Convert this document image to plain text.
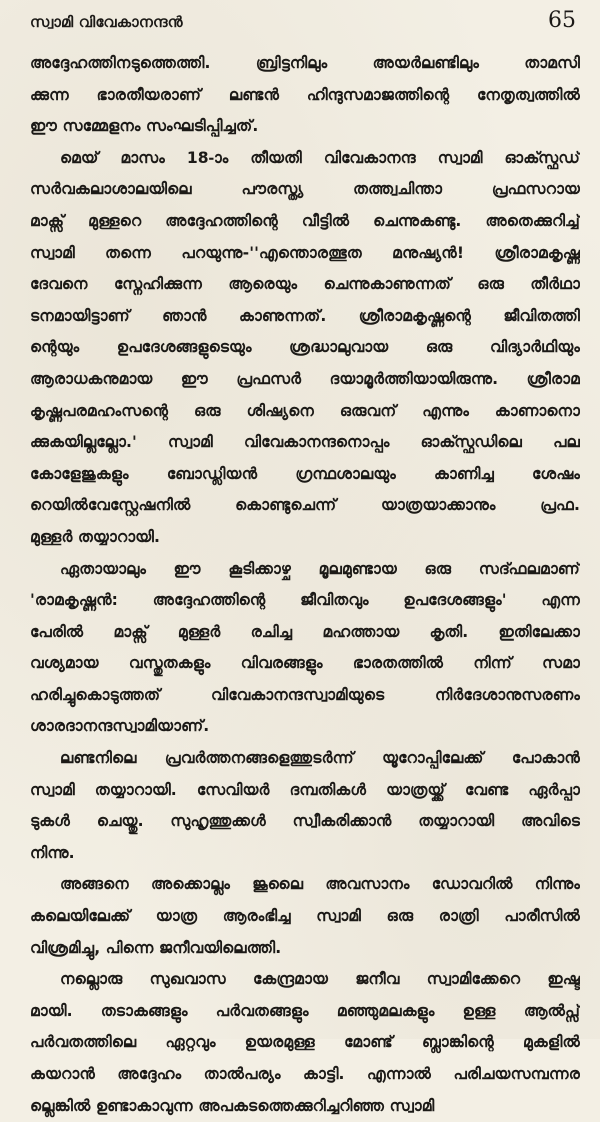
സ്വാമി വിവേകാനന്ദൻ	65
അദ്ദേഹത്തിനടുത്തെത്തി. ബ്രിട്ടനിലും അയർലണ്ടിലും താമസി
ക്കുന്ന ഭാരതീയരാണ് ലണ്ടൻ ഹിന്ദുസമാജത്തിന്റെ നേതൃത്വത്തിൽ
ഈ സമ്മേളനം സംഘടിപ്പിച്ചത്.
മെയ് മാസം 18-ാം തീയതി വിവേകാനന്ദ സ്വാമി ഓക്സ്ഫഡ്
സർവകലാശാലയിലെ പൗരസ്ത്യ തത്ത്വചിന്താ പ്രഫസറായ
മാക്സ് മുള്ളറെ അദ്ദേഹത്തിന്റെ വീട്ടിൽ ചെന്നുകണ്ടു. അതെക്കുറിച്ച്
സ്വാമി തന്നെ പറയുന്നു-''എന്തൊരത്ഭുത മനുഷ്യൻ! ശ്രീരാമകൃഷ്ണ
ദേവനെ സ്നേഹിക്കുന്ന ആരെയും ചെന്നുകാണുന്നത് ഒരു തീർഥാ
ടനമായിട്ടാണ് ഞാൻ കാണുന്നത്. ശ്രീരാമകൃഷ്ണന്റെ ജീവിതത്തി
ന്റെയും ഉപദേശങ്ങളുടെയും ശ്രദ്ധാലുവായ ഒരു വിദ്യാർഥിയും
ആരാധകനുമായ ഈ പ്രഫസർ ദയാമൂർത്തിയായിരുന്നു. ശ്രീരാമ
കൃഷ്ണപരമഹംസന്റെ ഒരു ശിഷ്യനെ ഒരുവന് എന്നും കാണാനൊ
ക്കുകയില്ലല്ലോ.' സ്വാമി വിവേകാനന്ദനൊപ്പം ഓക്സ്ഫഡിലെ പല
കോളേജുകളും ബോഡ്ലിയൻ ഗ്രന്ഥശാലയും കാണിച്ച ശേഷം
റെയിൽവേസ്റ്റേഷനിൽ കൊണ്ടുചെന്ന് യാത്രയാക്കാനും പ്രഫ.
മുള്ളർ തയ്യാറായി.
ഏതായാലും ഈ കൂടിക്കാഴ്ച മൂലമുണ്ടായ ഒരു സദ്ഫലമാണ്
'രാമകൃഷ്ണൻ: അദ്ദേഹത്തിന്റെ ജീവിതവും ഉപദേശങ്ങളും' എന്ന
പേരിൽ മാക്സ് മുള്ളർ രചിച്ച മഹത്തായ കൃതി. ഇതിലേക്കാ
വശ്യമായ വസ്തുതകളും വിവരങ്ങളും ഭാരതത്തിൽ നിന്ന് സമാ
ഹരിച്ചുകൊടുത്തത് വിവേകാനന്ദസ്വാമിയുടെ നിർദേശാനുസരണം
ശാരദാനന്ദസ്വാമിയാണ്.
ലണ്ടനിലെ പ്രവർത്തനങ്ങളെത്തുടർന്ന് യൂറോപ്പിലേക്ക് പോകാൻ
സ്വാമി തയ്യാറായി. സേവിയർ ദമ്പതികൾ യാത്രയ്ക്ക് വേണ്ട ഏർപ്പാ
ടുകൾ ചെയ്തു. സുഹൃത്തുക്കൾ സ്വീകരിക്കാൻ തയ്യാറായി അവിടെ
നിന്നു.
അങ്ങനെ അക്കൊല്ലം ജൂലൈ അവസാനം ഡോവറിൽ നിന്നും
കലെയിലേക്ക് യാത്ര ആരംഭിച്ച സ്വാമി ഒരു രാത്രി പാരീസിൽ
വിശ്രമിച്ചു, പിന്നെ ജനീവയിലെത്തി.
നല്ലൊരു സുഖവാസ കേന്ദ്രമായ ജനീവ സ്വാമിക്കേറെ ഇഷ്ട
മായി. തടാകങ്ങളും പർവതങ്ങളും മഞ്ഞുമലകളും ഉള്ള ആൽപ്സ്
പർവതത്തിലെ ഏറ്റവും ഉയരമുള്ള മോണ്ട് ബ്ലാങ്കിന്റെ മുകളിൽ
കയറാൻ അദ്ദേഹം താൽപര്യം കാട്ടി. എന്നാൽ പരിചയസമ്പന്നര
ല്ലെങ്കിൽ ഉണ്ടാകാവുന്ന അപകടത്തെക്കുറിച്ചറിഞ്ഞ സ്വാമി
